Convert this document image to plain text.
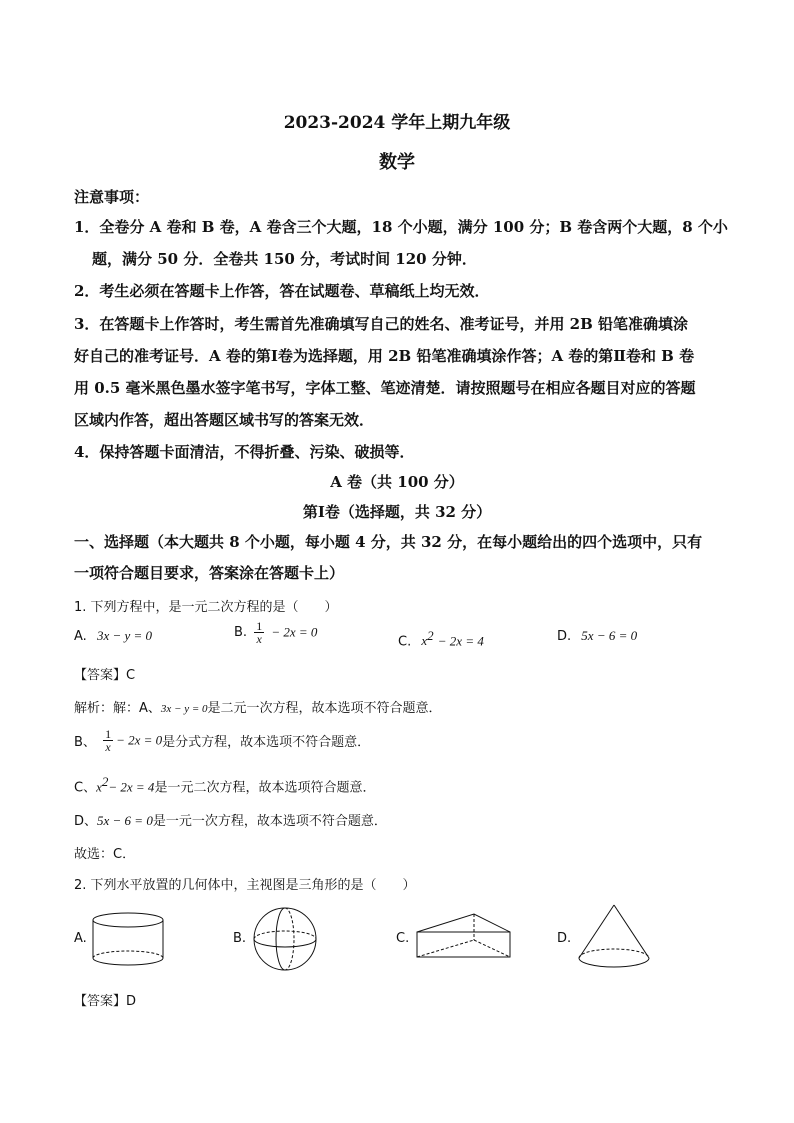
2023-2024 学年上期九年级
数学
注意事项：
1．全卷分 A 卷和 B 卷，A 卷含三个大题，18 个小题，满分 100 分；B 卷含两个大题，8 个小
题，满分 50 分．全卷共 150 分，考试时间 120 分钟．
2．考生必须在答题卡上作答，答在试题卷、草稿纸上均无效．
3．在答题卡上作答时，考生需首先准确填写自己的姓名、准考证号，并用 2B 铅笔准确填涂
好自己的准考证号．A 卷的第Ⅰ卷为选择题，用 2B 铅笔准确填涂作答；A 卷的第Ⅱ卷和 B 卷
用 0.5 毫米黑色墨水签字笔书写，字体工整、笔迹清楚．请按照题号在相应各题目对应的答题
区域内作答，超出答题区域书写的答案无效．
4．保持答题卡面清洁，不得折叠、污染、破损等．
A 卷（共 100 分）
第Ⅰ卷（选择题，共 32 分）
一、选择题（本大题共 8 个小题，每小题 4 分，共 32 分，在每小题给出的四个选项中，只有
一项符合题目要求，答案涂在答题卡上）
1. 下列方程中，是一元二次方程的是（　　）
A. 3x − y = 0	B. $\frac{1}{x} - 2x = 0$
C. $x^2 - 2x = 4$	D. 5x − 6 = 0
【答案】C
解析：解：A、3x − y = 0是二元一次方程，故本选项不符合题意．
B、 $\frac{1}{x} - 2x = 0$是分式方程，故本选项不符合题意．
C、$x^2- 2x = 4$是一元二次方程，故本选项符合题意．
D、5x − 6 = 0是一元一次方程，故本选项不符合题意．
故选：C．
2. 下列水平放置的几何体中，主视图是三角形的是（　　）
A.	B.	C.	D.
【答案】D
